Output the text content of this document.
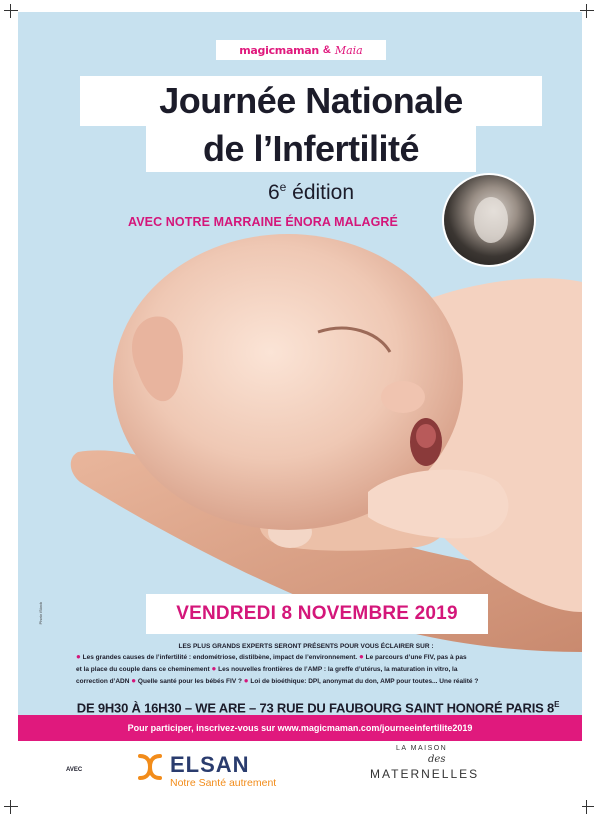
magicmaman & Maia
Journée Nationale
de l’Infertilité
6e édition
AVEC NOTRE MARRAINE ÉNORA MALAGRÉ
Photo iStock	VENDREDI 8 NOVEMBRE 2019

LES PLUS GRANDS EXPERTS SERONT PRÉSENTS POUR VOUS ÉCLAIRER SUR :

● Les grandes causes de l’infertilité : endométriose, distilbène, impact de l’environnement. ● Le parcours d’une FIV, pas à pas

et la place du couple dans ce cheminement ● Les nouvelles frontières de l’AMP : la greffe d’utérus, la maturation in vitro, la

correction d’ADN ● Quelle santé pour les bébés FIV ? ● Loi de bioéthique: DPI, anonymat du don, AMP pour toutes... Une réalité ?

DE 9H30 À 16H30 – WE ARE – 73 RUE DU FAUBOURG SAINT HONORÉ PARIS $8^E$
Pour participer, inscrivez-vous sur www.magicmaman.com/journeeinfertilite2019
AVEC	ELSAN
Notre Santé autrement
LA MAISON
des
MATERNELLES
